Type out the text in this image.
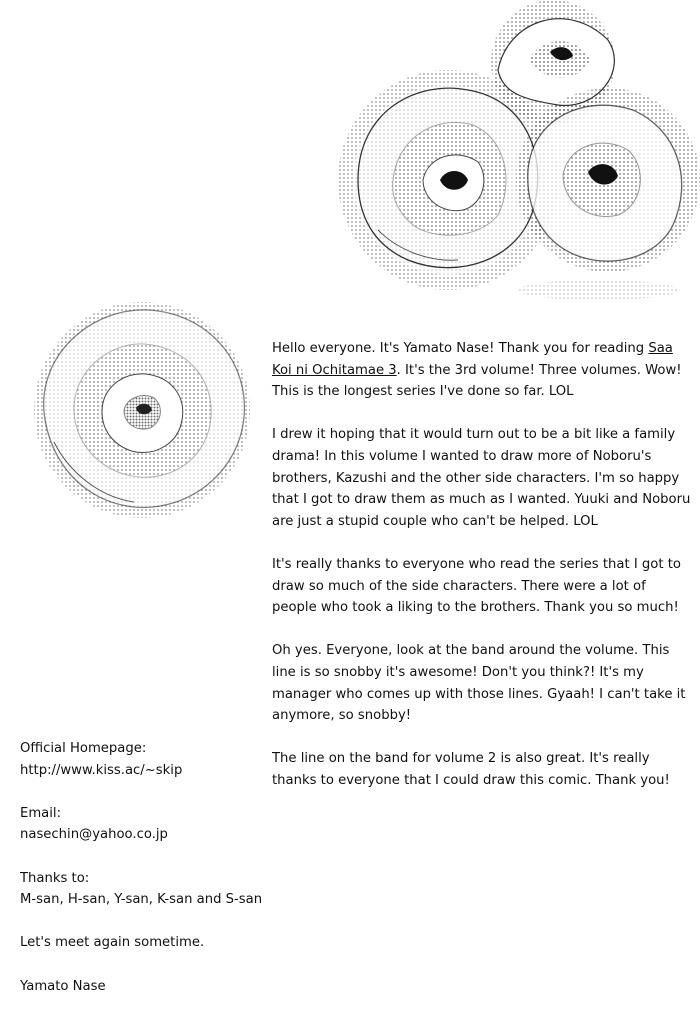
Hello everyone. It's Yamato Nase! Thank you for reading Saa Koi ni Ochitamae 3. It's the 3rd volume! Three volumes. Wow! This is the longest series I've done so far. LOL

I drew it hoping that it would turn out to be a bit like a family drama! In this volume I wanted to draw more of Noboru's brothers, Kazushi and the other side characters. I'm so happy that I got to draw them as much as I wanted. Yuuki and Noboru are just a stupid couple who can't be helped. LOL

It's really thanks to everyone who read the series that I got to draw so much of the side characters. There were a lot of people who took a liking to the brothers. Thank you so much!

Oh yes. Everyone, look at the band around the volume. This line is so snobby it's awesome! Don't you think?! It's my manager who comes up with those lines. Gyaah! I can't take it anymore, so snobby!

The line on the band for volume 2 is also great. It's really thanks to everyone that I could draw this comic. Thank you!

Official Homepage:
http://www.kiss.ac/~skip
Email:
nasechin@yahoo.co.jp
Thanks to:
M-san, H-san, Y-san, K-san and S-san
Let's meet again sometime.
Yamato Nase
